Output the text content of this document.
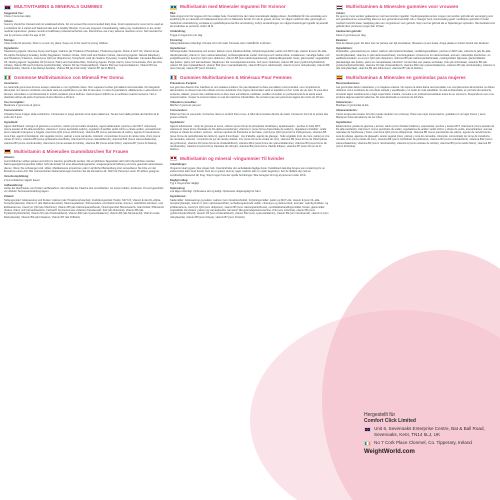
MULTIVITAMINS & MINERALS GUMMIES
Suggested Use:
Chew 2 Gummies daily.
Advice:
Gummy should be chewed and not swallowed whole. Do not exceed the recommended daily dose. Food supplements must not be used as a substitute for a varied and balanced diet and a healthy lifestyle. If you are pregnant, breastfeeding, taking any medications or are under medical supervision, please consult a healthcare professional before use. Discontinue use if any adverse reactions occur. Not intended for use by persons under the age of 18.
Storage:
Close bottle lid securely. Store in a cool, dry place. Keep out of the reach of young children.
Ingredients:
Sweetening Agents: Glucose Syrup and Sugar, Calcium (as Tricalcium Phosphate), Thickening Agents: Pectin & HCT Oil, Vitamin E (as DL-Alpha-Tocopheryl Acetate), Acidity Regulators: Sodium Citrate, Citric Acid and Sodium Citrate, Flavouring Agents: Natural Raspberry and Strawberry Flavours, Coenzyme Q10 (as Ubiquinone), Tocopherol, Acid (as Sodium Pyruvate), Coating Materials: Carnauba Beeswax Oil, Glazing Agents: Vegetable Oil (Coconut, Palm) and Carnauba Wax, Colouring Agents: Purple Carrot, Juice Concentrate, Zinc (as Zinc Citrate), Vitamin B6 (as Pyridoxine Hydrochloride), Vitamin D3 (as Cholecalciferol), Vitamin B12 (as Cyanocobalamin), Vitamin B3 (as Nicotinamide), Vitamin A (as Retinyl Acetate), Vitamin B9 (as Folic Acid), Vitamin B7 (as D-Biotin).
Gommose Multivitaminico con Minerali Per Donna
Avvertenze:
Le caramelle gommose devono essere masticate e non inghiottite intere. Non superare la dose giornaliera raccomandata. Gli integratori alimentari non devono sostituire una dieta varia ed equilibrata e uno stile di vita sano. In caso di gravidanza, allattamento o assunzione di farmaci, consultare un professionista in ambito sanitario prima dell'uso. Interrompere l'utilizzo se si verificano reazioni avverse. Non è destinato all'uso da parte di persone di età inferiore a 18 anni.
Uso Consigliato:
Masticare 2 gommose al giorno.
Conservazione:
Chiudere bene il tappo della confezione. Conservare in luogo asciutto ed al riparo dalla luce. Tenere fuori dalla portata dei bambini al di sotto dei 3 anni.
Ingredienti:
Agenti dolcificanti: sciroppo di glucosio e zucchero, calcio (come fosfato tricalcico), agenti addensanti: pectina e olio MCT, vitamina E (come acetato di DL-alfa-tocoferile), vitamina C (come ascorbato sodico), regolatori di acidità: acido citrico e citrato sodico, aromatizzanti: aromi naturali di lampone e fragola, coenzima Q10 (come ubichinone), vitamina B5 (come pantotenato di calcio), agente di rivestimento: cera d'api, agenti di lucidatura: olio vegetale (cocco, palma) e cera carnauba, coloranti: concentrato di succo di carota viola, zinco (come citrato di zinco), vitamina B6 (come piridossina cloridrato), vitamina D3 (come colecalciferolo), vitamina B12 (come cianocobalamina), vitamina B3 (come nicotinamide), vitamina A (come acetato di retinile), vitamina B9 (come acido folico), vitamina B7 (come D-biotina).
Multivitamin & Mineralien Gummibärchen für Frauen
Hinweis:
Gummibärchen sollten gekaut und nicht im Ganzen geschluckt werden. Die empfohlene Tagesdosis darf nicht überschritten werden. Nahrungsergänzungsmittel sollten nicht als Ersatz für eine abwechslungsreiche, ausgewogene Ernährung und eine gesunde Lebensweise dienen. Wenn Sie schwanger sind, stillen, Medikamente einnehmen oder in ärztlicher Behandlung sind, konsultieren Sie bitte vor der Einnahme einen Arzt. Bei unerwünschten Nebenwirkungen brechen Sie die Einnahme ab. Nicht für Personen unter 18 Jahren geeignet.
Verzehrempfehlung:
2 Gummibärchen täglich kauen.
Aufbewahrung:
Außer der Reichweite von Kindern aufbewahren. Den Deckel der Flasche fest verschließen. An einem kühlen, trockenen Ort und geschützt vor direkter Sonneneinstrahlung lagern.
Zutaten:
Süßungsmittel: Glukosesirup und Zucker, Calcium (als Tricalciumphosphat), Verdickungsmittel: Pektin, MCT-Öl, Vitamin E (als DL-Alpha-Tocopherylacetat), Vitamin C (als Natriumascorbat), Säureregulatoren: Zitronensäure und Natriumcitrat, Aromen: natürliches Himbeer- und Erdbeeraroma, Coenzym Q10 (als Ubichinon), Vitamin B5 (als Calciumpantothenat), Überzugsmittel: Bienenwachs, Glanzmittel: Pflanzenöl (Kokos, Palm) und Carnaubawachs, Farbstoff: Konzentrat aus violettem Karottensaft, Zink (als Zinkcitrat), Vitamin B6 (als Pyridoxinhydrochlorid), Vitamin D3 (als Cholecalciferol), Vitamin B12 (als Cyanocobalamin), Vitamin B3 (als Nicotinamid), Vitamin A (als Retinylacetat), Vitamin B9 (als Folsäure), Vitamin B7 (als D-Biotin).
Multivitamin med Mineraler Ingummi för Kvinnor
Råd:
Gelé-vingummin bör tuggas och inte sväljas hela. Överskrid inte den rekommenderade dagliga dosen. Kosttillskott får inte användas som ersättning för en varierad och balanserad kost och en hälsosam livsstil. Om du är gravid, ammar, tar några mediciner eller genomgår en medicinsk undersökning, kontakta en sjukvårdspersonal före användning. Avbryt användningen om några biverkningar uppstår. Ej avsedd att användas av personer under 18 år.
Användning:
Tugga 2 vingummin per dag.
Förvaring:
Stäng flasklocket ordentligt. Förvara torrt och svalt. Förvaras utom räckhåll för små barn.
Ingredienser:
Sötningsmedel: Glukossirap och socker, kalcium (som trikalciumfosfat), förtjockningsmedel: pektin och MCT-olja, vitamin E (som DL-alfa-tokoferylacetat), vitamin C (som natriumaskorbat), surhetsreglerande medel: citronsyra och natriumcitrat, smakämnen: naturliga hallon- och jordgubbsaromer, koenzym Q10 (som ubikinon), vitamin B5 (som kalciumpantotenat), ytbehandlingsmedel: bivax, glansmedel: vegetabilisk olja (kokos, palm) och karnaubavax, färgämnen: lila morotsjuicekoncentrat, zink (som zinkcitrat), vitamin B6 (som pyridoxinhydroklorid), vitamin D3 (som kolekalciferol), vitamin B12 (som cyanokobalamin), vitamin B3 (som nikotinamid), vitamin A (som retinylacetat), vitamin B9 (som folsyra), vitamin B7 (som D-biotin).
Gummies Multivitamines & Minéraux Pour Femmes
Précautions d'emploi:
Les gommes doivent être mâchées et non avalées entières. Ne pas dépasser la dose journalière recommandée. Les compléments alimentaires ne doivent pas être utilisés comme substituts d'un régime alimentaire varié et équilibré et d'un mode de vie sain. Si vous êtes enceinte, allaitez, prenez des médicaments ou êtes sous surveillance médicale, veuillez consulter un professionnel de la santé avant consommation. Cesser la consommation en cas de réactions indésirables. Ne convient pas aux personnes âgées de moins de 18 ans.
Utilisation conseillée:
Mâcher 2 gommes par jour.
Conservation:
Refermer bien le couvercle. Conserver dans un endroit frais et sec, à l'abri de la lumière directe du soleil. Conserver hors de la portée des jeunes enfants.
Ingrédients:
Agents édulcorants : sirop de glucose et sucre, calcium (sous forme de phosphate tricalcique), épaississants : pectine et huile MCT, vitamine E (sous forme d'acétate de DL-alpha-tocophéryle), vitamine C (sous forme d'ascorbate de sodium), régulateurs d'acidité : acide citrique et citrate de sodium, arômes : arômes naturels de framboise et de fraise, coenzyme Q10 (sous forme d'ubiquinone), vitamine B5 (sous forme de pantothénate de calcium), agent d'enrobage : cire d'abeille, agents de glaçage : huile végétale (noix de coco, palme) et cire de carnauba, colorant : concentré de jus de carotte violette, zinc (sous forme de citrate de zinc), vitamine B6 (sous forme de chlorhydrate de pyridoxine), vitamine D3 (sous forme de cholécalciférol), vitamine B12 (sous forme de cyanocobalamine), vitamine B3 (sous forme de nicotinamide), vitamine A (sous forme d'acétate de rétinyle), vitamine B9 (sous forme d'acide folique), vitamine B7 (sous forme de D-biotine).
Multivitamin og mineral -vingummier Til kvinder
Anbefalinger:
Vingummi skal tygges, ikke sluges helt. Overskrid ikke den anbefalede daglige dosis. Kosttilskud skal ikke bruges som erstatning for en varieret kost eller sund livsstil. Hvis du er gravid, ammer, tager medicin eller er under lægetilsyn, bør du rådføre dig med en sundhedsprofessionel før brug. Stop brugen hvis der opstår bivirkninger. Ikke beregnet til brug af personer under 18 år.
Dagligt indtag:
Tyg 2 vingummier dagligt.
Opbevaring:
Luk låget ordentligt. Opbevares tørt og køligt. Opbevares utilgængeligt for børn.
Ingredienser:
Sødemidler: Glukosesirup og sukker, calcium (som tricalciumfosfat), fortykningsmidler: pektin og MCT-olie, vitamin E (som DL-alfa-tocopherylacetat), vitamin C (som natriumascorbat), surhedsregulerende midler: citronsyre og natriumcitrat, aromaer: naturlig hindbær- og jordbæraroma, coenzym Q10 (som ubiquinon), vitamin B5 (som calciumpantothenat), overfladebehandlingsmiddel: bivoks, glansmidler: vegetabilsk olie (kokos, palme) og carnaubavoks, farvestof: lilla gulerodsjuicekoncentrat, zink (som zinkcitrat), vitamin B6 (som pyridoxinhydrochlorid), vitamin D3 (som cholecalciferol), vitamin B12 (som cyanocobalamin), vitamin B3 (som nicotinamid), vitamin A (som retinylacetat), vitamin B9 (som folsyre), vitamin B7 (som D-biotin).
Multivitaminen & Mineralen gummies voor vrouwen
Advies:
De gummy moet worden gekauwd en niet heel worden ingeslikt. Voedingssupplementen mogen niet worden gebruikt als vervanging voor een gevarieerd en evenwichtig dieet en een gezonde levensstijl. Als u zwanger bent, borstvoeding geeft, medicijnen gebruikt of onder medisch toezicht staat, raadpleeg dan een zorgverlener voor gebruik. Stop met het gebruik als er bijwerkingen optreden. Niet bedoeld voor gebruik door personen jonger dan 18 jaar.
Aanbevolen gebruik:
Kauw 2 gummies per dag.
Bewaren:
Sluit de deksel goed. De kleur kan na verloop van tijd veranderen. Bewaren op een koele, droge plaats en buiten bereik van kinderen.
Ingrediënten:
Zoetstoffen: glucosestroop en suiker, calcium (als tricalciumfosfaat), verdikkingsmiddelen: pectine en MCT-olie, vitamine E (als DL-alfa-tocoferylacetaat), vitamine C (als natriumascorbaat), zuurteregelaars: citroenzuur en natriumcitraat, aroma's: natuurlijke frambozen- en aardbeiensmaken, co-enzym Q10 (als ubiquinon), vitamine B5 (als calciumpantothenaat), coatingmiddel: bijenwas, glansmiddelen: plantaardige olie (kokos, palm) en carnaubawas, kleurstof: concentraat van paarse wortelsap, zink (als zinkcitraat), vitamine B6 (als pyridoxinehydrochloride), vitamine D3 (als cholecalciferol), vitamine B12 (als cyanocobalamine), vitamine B3 (als nicotinamide), vitamine A (als retinylacetaat), vitamine B9 (als foliumzuur), vitamine B7 (als D-biotine).
Multivitaminas & Minerales en gominolas para mujeres
Recomendaciones:
Las gominolas deben masticarse y no tragarse enteras. No supere la dosis diaria recomendada. Los complementos alimenticios no deben utilizarse como sustitutos de una dieta variada y equilibrada y un estilo de vida saludable. Si está embarazada, en período de lactancia, tomando algún medicamento o bajo supervisión médica, consulte a un profesional sanitario antes de su consumo. Suspenda su uso si se produce alguna reacción adversa. No está destinado a menores de 18 años.
Indicaciones:
Mastique 2 gominolas al día.
Almacenamiento:
Cierre la tapa del envase. El color puede cambiar con el tiempo. Para una mejor conservación, guárdelo en un lugar fresco y seco. Mantener fuera del alcance de los niños.
Ingredientes:
Edulcorantes: jarabe de glucosa y azúcar, calcio (como fosfato tricálcico), espesantes: pectina y aceite MCT, vitamina E (como acetato de DL-alfa-tocoferilo), vitamina C (como ascorbato de sodio), reguladores de acidez: ácido cítrico y citrato de sodio, aromatizantes: aromas naturales de frambuesa y fresa, coenzima Q10 (como ubiquinona), vitamina B5 (como pantotenato de calcio), agente de recubrimiento: cera de abejas, agentes de glaseado: aceite vegetal (coco, palma) y cera de carnauba, colorante: concentrado de zumo de zanahoria morada, zinc (como citrato de zinc), vitamina B6 (como clorhidrato de piridoxina), vitamina D3 (como colecalciferol), vitamina B12 (como cianocobalamina), vitamina B3 (como nicotinamida), vitamina A (como acetato de retinilo), vitamina B9 (como ácido fólico), vitamina B7 (como D-biotina).
Hergestellt für
Comfort Click Limited
Unit 6, Sevenoaks Enterprise Centre, Bat & Ball Road, Sevenoaks, Kent, TN14 5LJ, UK
No 7 Cork Place Clonmel, Co. Tipperary, Ireland
WeightWorld.com
